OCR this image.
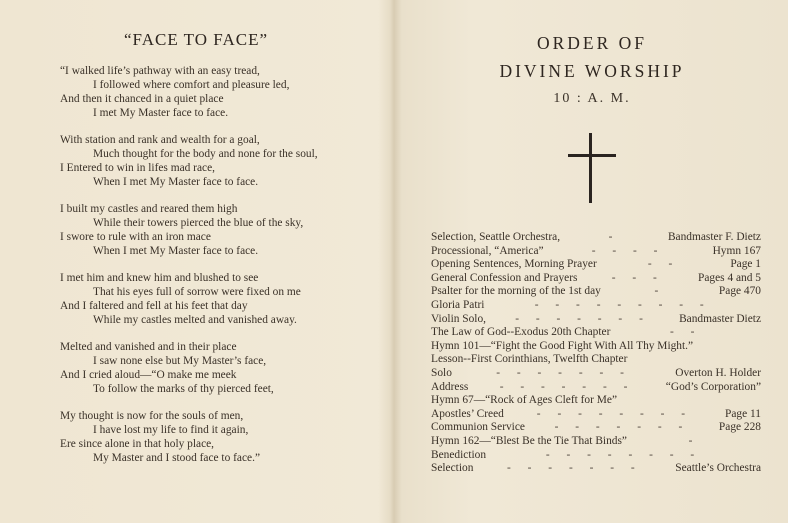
“FACE TO FACE”
“I walked life’s pathway with an easy tread,
I followed where comfort and pleasure led,
And then it chanced in a quiet place
I met My Master face to face.
With station and rank and wealth for a goal,
Much thought for the body and none for the soul,
I Entered to win in lifes mad race,
When I met My Master face to face.
I built my castles and reared them high
While their towers pierced the blue of the sky,
I swore to rule with an iron mace
When I met My Master face to face.
I met him and knew him and blushed to see
That his eyes full of sorrow were fixed on me
And I faltered and fell at his feet that day
While my castles melted and vanished away.
Melted and vanished and in their place
I saw none else but My Master’s face,
And I cried aloud—“O make me meek
To follow the marks of thy pierced feet,
My thought is now for the souls of men,
I have lost my life to find it again,
Ere since alone in that holy place,
My Master and I stood face to face.”
ORDER OF
DIVINE WORSHIP
10 : A. M.
Selection, Seattle Orchestra,	-	Bandmaster F. Dietz
Processional, “America”	- - - -	Hymn 167
Opening Sentences, Morning Prayer	- -	Page 1
General Confession and Prayers	- - -	Pages 4 and 5
Psalter for the morning of the 1st day	-	Page 470
Gloria Patri	- - - - - - - - -
Violin Solo,	- - - - - - -	Bandmaster Dietz
The Law of God--Exodus 20th Chapter	- -
Hymn 101—“Fight the Good Fight With All Thy Might.”
Lesson--First Corinthians, Twelfth Chapter
Solo	- - - - - - -	Overton H. Holder
Address	- - - - - - -	“God’s Corporation”
Hymn 67—“Rock of Ages Cleft for Me”
Apostles’ Creed	- - - - - - - -	Page 11
Communion Service	- - - - - - -	Page 228
Hymn 162—“Blest Be the Tie That Binds”	-
Benediction	- - - - - - - -
Selection	- - - - - - -	Seattle’s Orchestra
